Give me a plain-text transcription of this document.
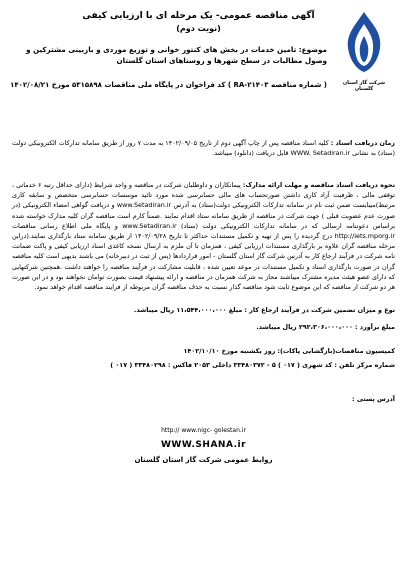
شرکت گاز استان گلستان
آگهی مناقصه عمومی- یک مرحله ای با ارزیابی کیفی
(نوبت دوم)
موضوع: تامین خدمات در بخش های کنتور خوانی و توزیع موردی و بازبینی مشترکین و وصول مطالبات در سطح شهرها و روستاهای استان گلستان
( شماره مناقصه RA-۲۱۴۰۳ ) کد فراخوان در پایگاه ملی مناقصات ۵۳۱۵۸۹۸ مورخ ۱۴۰۲/۰۸/۲۱
زمان دریافت اسناد : کلیه اسناد مناقصه پس از چاپ آگهی دوم از تاریخ ۱۴۰۲/۰۹/۰۵ به مدت ۷ روز از طریق سامانه تدارکات الکترونیکی دولت (ستاد) به نشانی WWW. Setadiran.ir قابل دریافت (دانلود) میباشد.
نحوه دریافت اسناد مناقصه و مهلت ارائه مدارک: پیمانکاران و داوطلبان شرکت در مناقصه و واجد شرایط (دارای حداقل رتبه ۶ خدماتی ، توقفی مالی ، ظرفیت آزاد کاری داشتن صورتحساب های مالی حسابرسی شده مورد تائید موسسات حسابرسی متخصص و سابقه کاری مرتبط)میبایست ضمن ثبت نام در سامانه تدارکات الکترونیکی دولت(ستاد) به آدرس www.Setadiran.ir و دریافت گواهی امضاء الکترونیکی (در صورت عدم عضویت قبلی ) جهت شرکت در مناقصه از طریق سامانه ستاد اقدام نمایند .ضمناً کارم است مناقصه گران کلیه مدارک خواسته شده براساس دعوتنامه ارسالی که در سامانه تدارکات الکترونیکی دولت (ستاد) www.Setadiran.ir و پایگاه ملی اطلاع رسانی مناقصات http://iets.mporg.ir درج گردیده را پس از تهیه و تکمیل مستندات حداکثر تا تاریخ ۱۴۰۲/۰۹/۲۸ از طریق سامانه ستاد بارگذاری نمایند.(دراین مرحله مناقصه گران علاوه بر بارگذاری مستندات ارزیابی کیفی ، همزمان تا آن ملزم به ارسال نسخه کاغذی اسناد ارزیابی کیفی و پاکت ضمانت نامه شرکت در فرآیند ارجاع کار به آدرس شرکت گاز استان گلستان - امور قراردادها (پس از ثبت در دبیرخانه) می باشند بدیهی است کلیه مناقصه گران در صورت بارگذاری اسناد و تکمیل مستندات در موعد تعیین شده ، قابلیت مشارکت در فرآیند مناقصه را خواهند داشت .همچنین شرکتهایی که دارای عضو هیئت مدیره مشترک میباشند مجاز به شرکت همزمان در مناقصه و ارائه پیشنهاد قیمت بصورت توامان نخواهند بود و در این صورت هر دو شرکت از مناقصه که این موضوع ثابت شود مناقصه گذار نسبت به حذف مناقصه گران مربوطه از فرایند مناقصه اقدام خواهد نمود.
نوع و میزان تضمین شرکت در فرآیند ارجاع کار : مبلغ ۱۱،۵۴۴،۰۰۰،۰۰۰ ریال میباشد.
مبلغ برآورد : ۲۹۲،۳۰۶،۰۰۰،۰۰۰ ریال میباشد.
کمیسیون مناقصات(بازگشایی پاکات): روز یکشنبه مورخ ۱۴۰۲/۱۰/۱۰
شماره مرکز تلفن : کد شهری ( ۰۱۷ ) ۵ - ۳۳۴۸۰۳۷۲ داخلی ۲۰۵۳ فاکس : ۳۳۴۸۰۲۹۸ ( ۰۱۷ )
آدرس پستی :
http:// www.nigc- golestan.ir
WWW.SHANA.ir
روابط عمومی شرکت گاز استان گلستان
